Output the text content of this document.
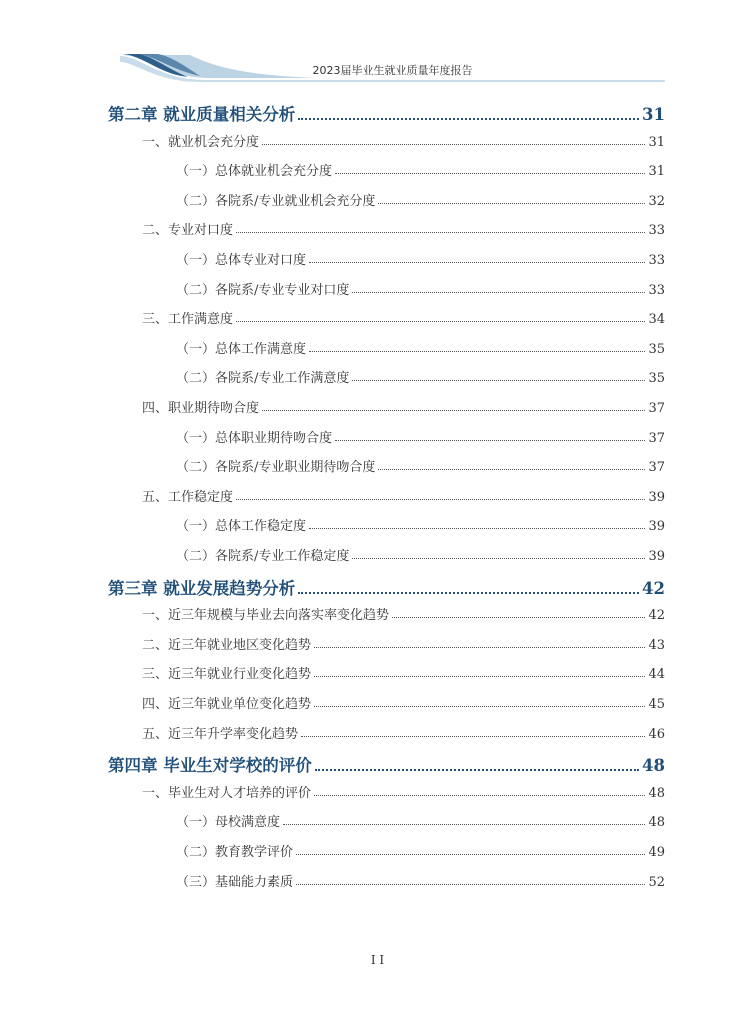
2023届毕业生就业质量年度报告
第二章 就业质量相关分析	31
一、就业机会充分度	31
（一）总体就业机会充分度	31
（二）各院系/专业就业机会充分度	32
二、专业对口度	33
（一）总体专业对口度	33
（二）各院系/专业专业对口度	33
三、工作满意度	34
（一）总体工作满意度	35
（二）各院系/专业工作满意度	35
四、职业期待吻合度	37
（一）总体职业期待吻合度	37
（二）各院系/专业职业期待吻合度	37
五、工作稳定度	39
（一）总体工作稳定度	39
（二）各院系/专业工作稳定度	39
第三章 就业发展趋势分析	42
一、近三年规模与毕业去向落实率变化趋势	42
二、近三年就业地区变化趋势	43
三、近三年就业行业变化趋势	44
四、近三年就业单位变化趋势	45
五、近三年升学率变化趋势	46
第四章 毕业生对学校的评价	48
一、毕业生对人才培养的评价	48
（一）母校满意度	48
（二）教育教学评价	49
（三）基础能力素质	52
I I
